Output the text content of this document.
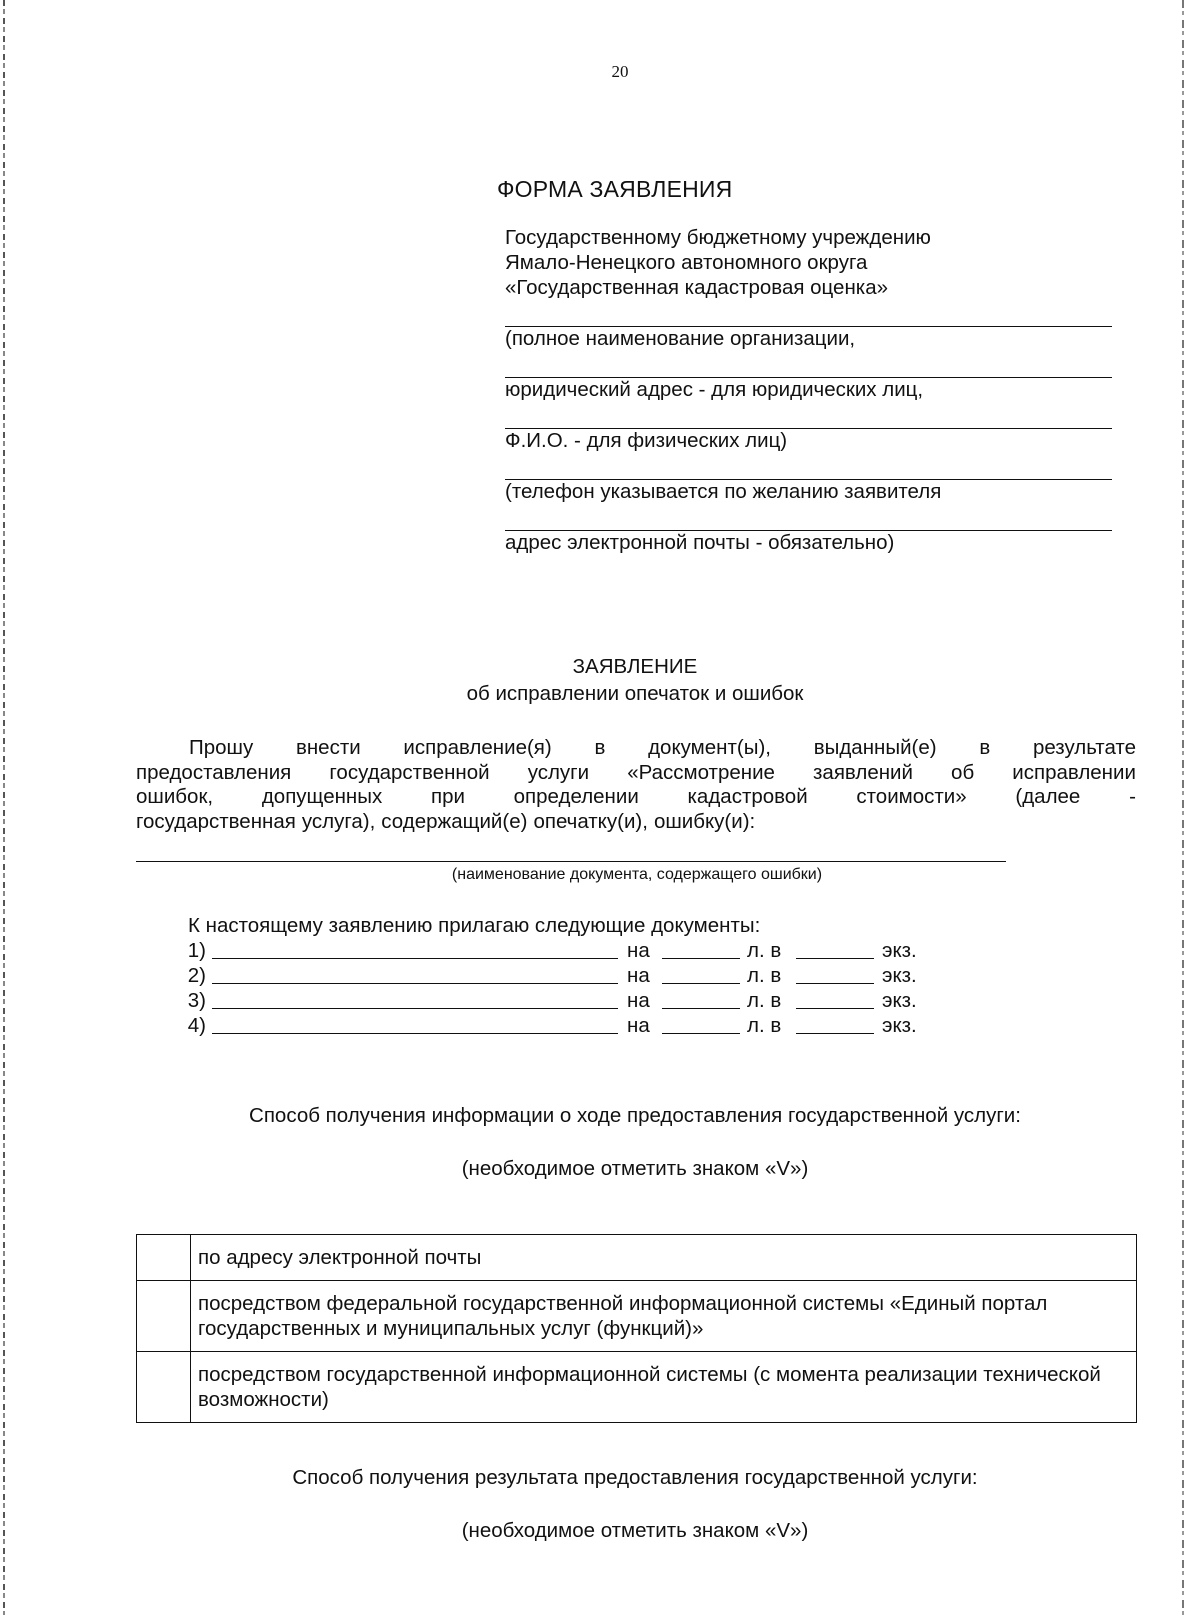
20
ФОРМА ЗАЯВЛЕНИЯ
Государственному бюджетному учреждению
Ямало-Ненецкого автономного округа
«Государственная кадастровая оценка»
(полное наименование организации,
юридический адрес - для юридических лиц,
Ф.И.О. - для физических лиц)
(телефон указывается по желанию заявителя
адрес электронной почты - обязательно)
ЗАЯВЛЕНИЕ
об исправлении опечаток и ошибок
Прошу внести исправление(я) в документ(ы), выданный(е) в результате
предоставления государственной услуги «Рассмотрение заявлений об исправлении
ошибок, допущенных при определении кадастровой стоимости» (далее -
государственная услуга), содержащий(е) опечатку(и), ошибку(и):
(наименование документа, содержащего ошибки)
К настоящему заявлению прилагаю следующие документы:
1)	на	л. в	экз.
2)	на	л. в	экз.
3)	на	л. в	экз.
4)	на	л. в	экз.
Способ получения информации о ходе предоставления государственной услуги:
(необходимое отметить знаком «V»)
	по адресу электронной почты
	посредством федеральной государственной информационной системы «Единый портал государственных и муниципальных услуг (функций)»
	посредством государственной информационной системы (с момента реализации технической возможности)
Способ получения результата предоставления государственной услуги:
(необходимое отметить знаком «V»)
